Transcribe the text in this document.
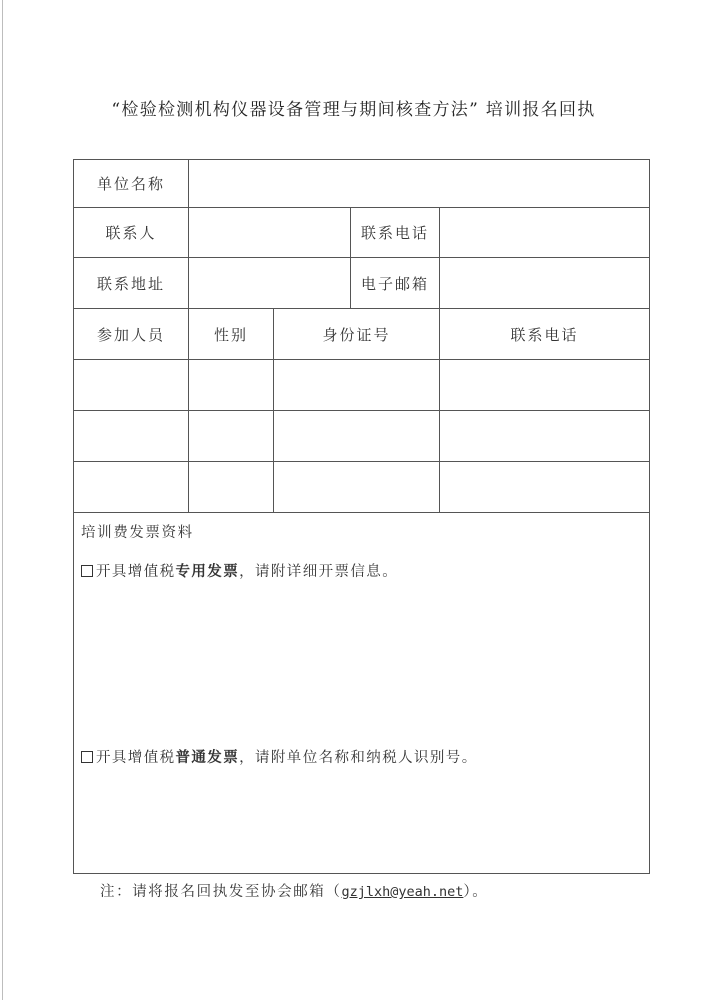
“检验检测机构仪器设备管理与期间核查方法” 培训报名回执
单位名称				
联系人			联系电话	
联系地址			电子邮箱	
参加人员	性别	身份证号		联系电话

培训费发票资料
开具增值税专用发票，请附详细开票信息。
开具增值税普通发票，请附单位名称和纳税人识别号。				
注：请将报名回执发至协会邮箱（gzjlxh@yeah.net）。
